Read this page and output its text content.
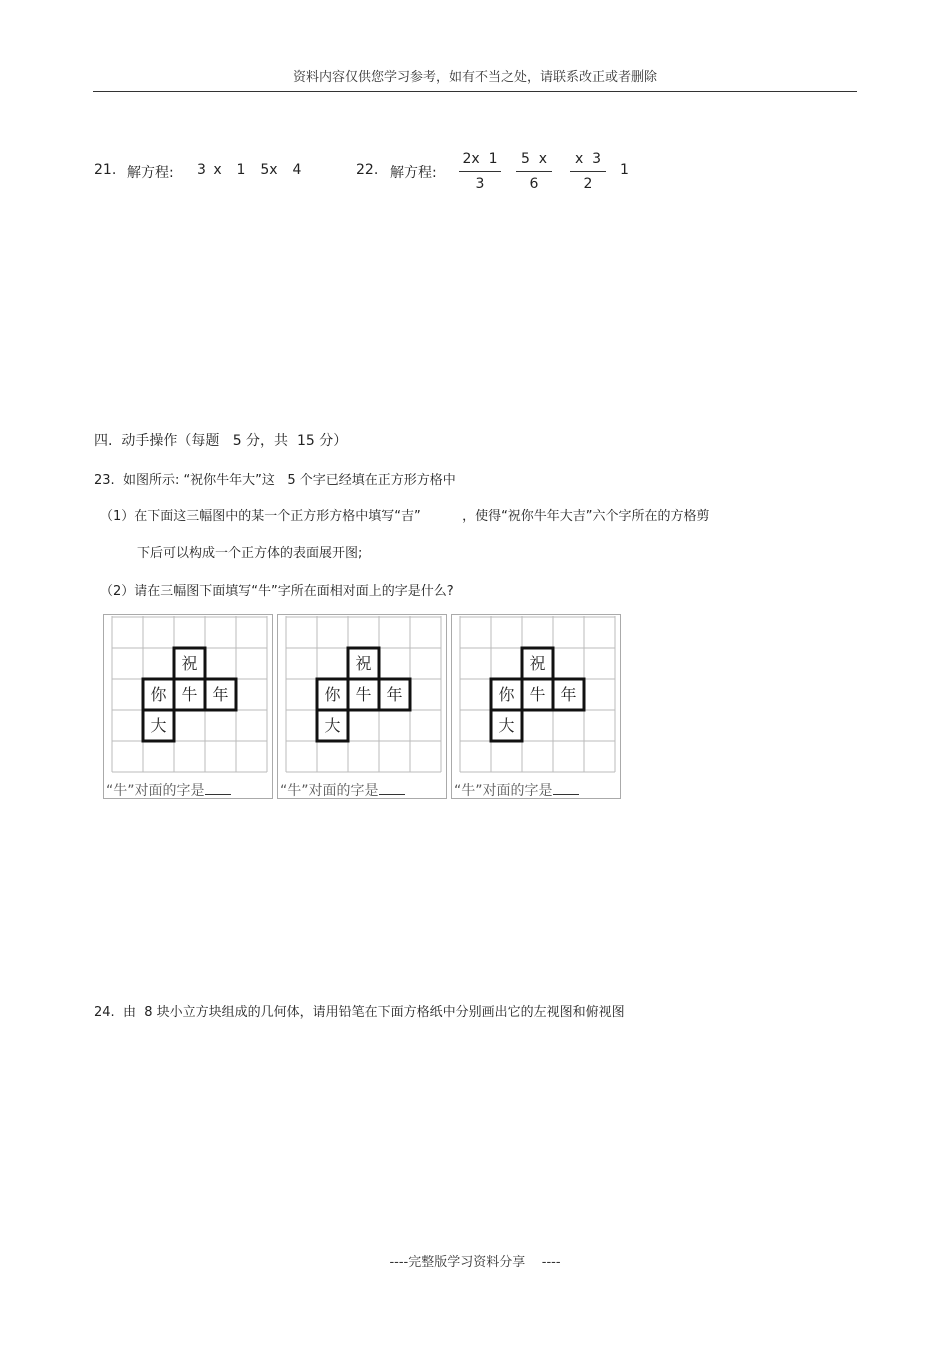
资料内容仅供您学习参考，如有不当之处，请联系改正或者删除
21. 解方程: 3 x  1  5x  4	22. 解方程:
2x  1
3
5  x
6
x  3
2
1
四.  动手操作（每题   5 分，共  15 分）
23.  如图所示: “祝你牛年大”这   5 个字已经填在正方形方格中
（1）在下面这三幅图中的某一个正方形方格中填写“吉”          ，使得“祝你牛年大吉”六个字所在的方格剪
下后可以构成一个正方体的表面展开图;
（2）请在三幅图下面填写“牛”字所在面相对面上的字是什么?
祝
你 牛 年
大
“牛”对面的字是
祝
你 牛 年
大
“牛”对面的字是
祝
你 牛 年
大
“牛”对面的字是
24.  由  8 块小立方块组成的几何体，请用铅笔在下面方格纸中分别画出它的左视图和俯视图
----完整版学习资料分享    ----
